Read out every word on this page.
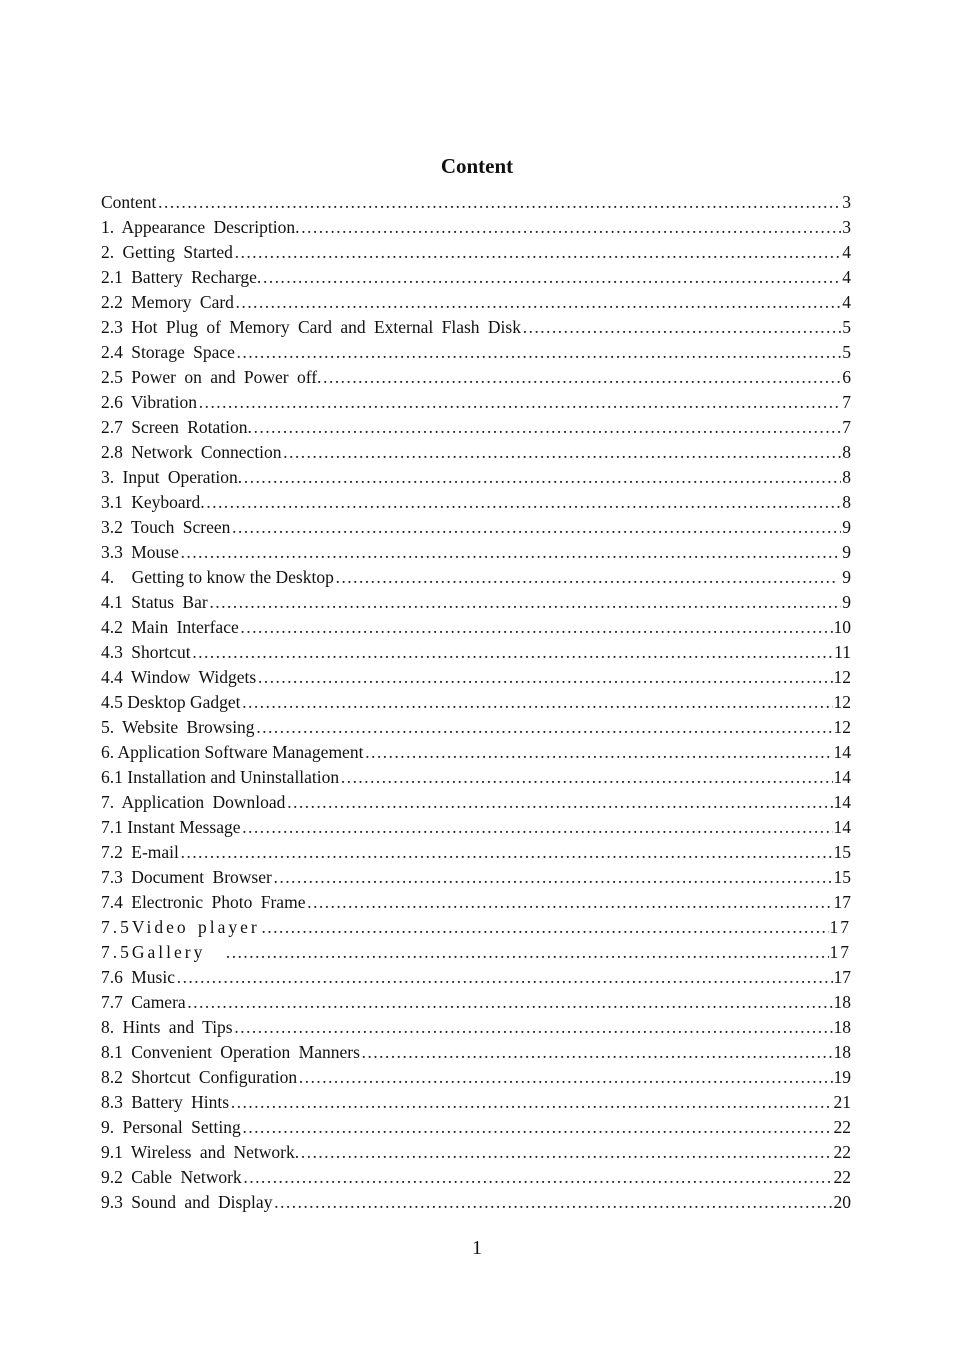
Content
Content ……………………………………………………………………………………………………………………………………………………………………………………………………………………………	3
1. Appearance Description. ……………………………………………………………………………………………………………………………………………………………………………………………………………………………	3
2. Getting Started ……………………………………………………………………………………………………………………………………………………………………………………………………………………………	4
2.1 Battery Recharge. ……………………………………………………………………………………………………………………………………………………………………………………………………………………………	4
2.2 Memory Card ……………………………………………………………………………………………………………………………………………………………………………………………………………………………	4
2.3 Hot Plug of Memory Card and External Flash Disk ……………………………………………………………………………………………………………………………………………………………………………………………………………………………	5
2.4 Storage Space ……………………………………………………………………………………………………………………………………………………………………………………………………………………………	5
2.5 Power on and Power off. ……………………………………………………………………………………………………………………………………………………………………………………………………………………………	6
2.6 Vibration ……………………………………………………………………………………………………………………………………………………………………………………………………………………………	7
2.7 Screen Rotation. ……………………………………………………………………………………………………………………………………………………………………………………………………………………………	7
2.8 Network Connection ……………………………………………………………………………………………………………………………………………………………………………………………………………………………	8
3. Input Operation. ……………………………………………………………………………………………………………………………………………………………………………………………………………………………	8
3.1 Keyboard. ……………………………………………………………………………………………………………………………………………………………………………………………………………………………	8
3.2 Touch Screen ……………………………………………………………………………………………………………………………………………………………………………………………………………………………	9
3.3 Mouse ……………………………………………………………………………………………………………………………………………………………………………………………………………………………	9
4.    Getting to know the Desktop ……………………………………………………………………………………………………………………………………………………………………………………………………………………………	9
4.1 Status Bar ……………………………………………………………………………………………………………………………………………………………………………………………………………………………	9
4.2 Main Interface ……………………………………………………………………………………………………………………………………………………………………………………………………………………………	10
4.3 Shortcut ……………………………………………………………………………………………………………………………………………………………………………………………………………………………	11
4.4 Window Widgets ……………………………………………………………………………………………………………………………………………………………………………………………………………………………	12
4.5 Desktop Gadget ……………………………………………………………………………………………………………………………………………………………………………………………………………………………	12
5. Website Browsing ……………………………………………………………………………………………………………………………………………………………………………………………………………………………	12
6. Application Software Management ……………………………………………………………………………………………………………………………………………………………………………………………………………………………	14
6.1 Installation and Uninstallation ……………………………………………………………………………………………………………………………………………………………………………………………………………………………	14
7. Application Download ……………………………………………………………………………………………………………………………………………………………………………………………………………………………	14
7.1 Instant Message ……………………………………………………………………………………………………………………………………………………………………………………………………………………………	14
7.2 E-mail ……………………………………………………………………………………………………………………………………………………………………………………………………………………………	15
7.3 Document Browser ……………………………………………………………………………………………………………………………………………………………………………………………………………………………	15
7.4 Electronic Photo Frame ……………………………………………………………………………………………………………………………………………………………………………………………………………………………	17
7.5Video player ……………………………………………………………………………………………………………………………………………………………………………………………………………………………	17
7.5Gallery ……………………………………………………………………………………………………………………………………………………………………………………………………………………………	17
7.6 Music ……………………………………………………………………………………………………………………………………………………………………………………………………………………………	17
7.7 Camera ……………………………………………………………………………………………………………………………………………………………………………………………………………………………	18
8. Hints and Tips ……………………………………………………………………………………………………………………………………………………………………………………………………………………………	18
8.1 Convenient Operation Manners ……………………………………………………………………………………………………………………………………………………………………………………………………………………………	18
8.2 Shortcut Configuration ……………………………………………………………………………………………………………………………………………………………………………………………………………………………	19
8.3 Battery Hints ……………………………………………………………………………………………………………………………………………………………………………………………………………………………	21
9. Personal Setting ……………………………………………………………………………………………………………………………………………………………………………………………………………………………	22
9.1 Wireless and Network. ……………………………………………………………………………………………………………………………………………………………………………………………………………………………	22
9.2 Cable Network ……………………………………………………………………………………………………………………………………………………………………………………………………………………………	22
9.3 Sound and Display ……………………………………………………………………………………………………………………………………………………………………………………………………………………………	20
1
